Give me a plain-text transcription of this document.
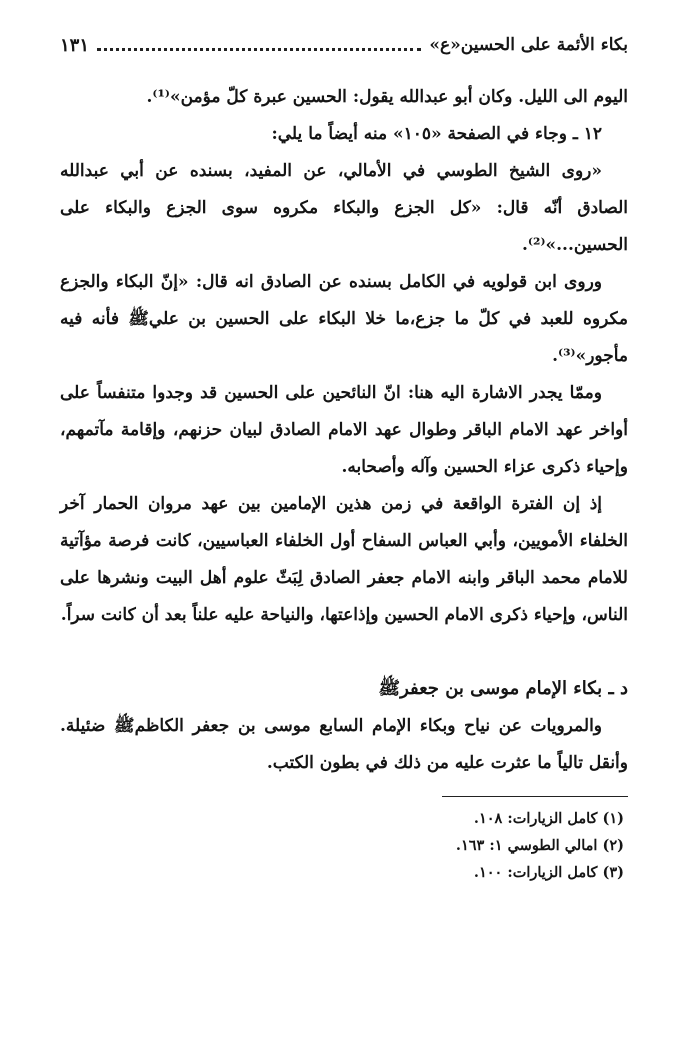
بكاء الأئمة على الحسين«ع»
١٣١

اليوم الى الليل. وكان أبو عبدالله يقول: الحسين عبرة كلّ مؤمن»⁽¹⁾.

١٢ ـ وجاء في الصفحة «١٠٥» منه أيضاً ما يلي:

«روى الشيخ الطوسي في الأمالي، عن المفيد، بسنده عن أبي عبدالله الصادق أنّه قال: «كل الجزع والبكاء مكروه سوى الجزع والبكاء على الحسين...»⁽²⁾.

وروى ابن قولويه في الكامل بسنده عن الصادق انه قال: «إنّ البكاء والجزع مكروه للعبد في كلّ ما جزع،ما خلا البكاء على الحسين بن عليﷺ فأنه فيه مأجور»⁽³⁾.

وممّا يجدر الاشارة اليه هنا: انّ النائحين على الحسين قد وجدوا متنفساً على أواخر عهد الامام الباقر وطوال عهد الامام الصادق لبيان حزنهم، وإقامة مآتمهم، وإحياء ذكرى عزاء الحسين وآله وأصحابه.

إذ إن الفترة الواقعة في زمن هذين الإمامين بين عهد مروان الحمار آخر الخلفاء الأمويين، وأبي العباس السفاح أول الخلفاء العباسيين، كانت فرصة مؤآتية للامام محمد الباقر وابنه الامام جعفر الصادق لِبَثّ علوم أهل البيت ونشرها على الناس، وإحياء ذكرى الامام الحسين وإذاعتها، والنياحة عليه علناً بعد أن كانت سراً.

د ـ بكاء الإمام موسى بن جعفرﷺ

والمرويات عن نياح وبكاء الإمام السابع موسى بن جعفر الكاظمﷺ ضئيلة. وأنقل تالياً ما عثرت عليه من ذلك في بطون الكتب.

(١) كامل الزيارات: ١٠٨.
(٢) امالي الطوسي ١: ١٦٣.
(٣) كامل الزيارات: ١٠٠.
